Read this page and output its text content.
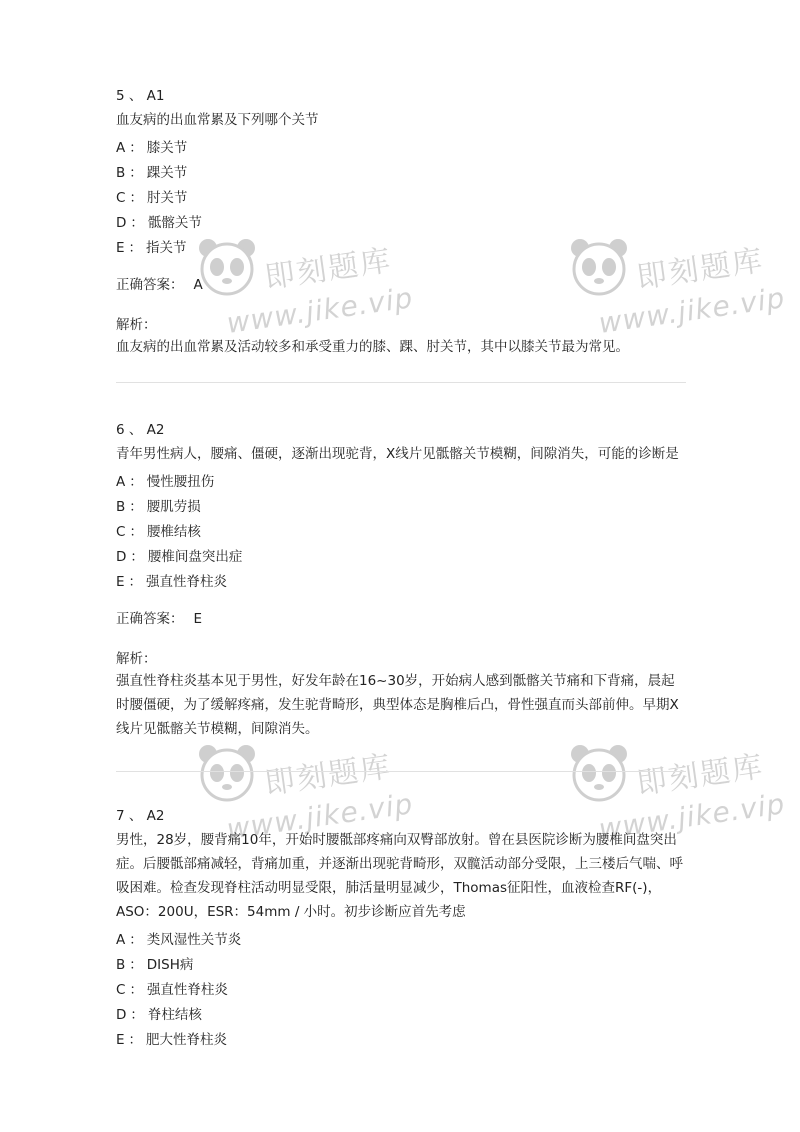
即刻题库
www.jike.vip
即刻题库
www.jike.vip
即刻题库
www.jike.vip
即刻题库
www.jike.vip
5 、 A1
血友病的出血常累及下列哪个关节
A ： 膝关节
B ： 踝关节
C ： 肘关节
D ： 骶髂关节
E ： 指关节
正确答案： A
解析：
血友病的出血常累及活动较多和承受重力的膝、踝、肘关节，其中以膝关节最为常见。
6 、 A2
青年男性病人，腰痛、僵硬，逐渐出现驼背，X线片见骶髂关节模糊，间隙消失，可能的诊断是
A ： 慢性腰扭伤
B ： 腰肌劳损
C ： 腰椎结核
D ： 腰椎间盘突出症
E ： 强直性脊柱炎
正确答案： E
解析：
强直性脊柱炎基本见于男性，好发年龄在16~30岁，开始病人感到骶髂关节痛和下背痛，晨起时腰僵硬，为了缓解疼痛，发生驼背畸形，典型体态是胸椎后凸，骨性强直而头部前伸。早期X线片见骶髂关节模糊，间隙消失。
7 、 A2
男性，28岁，腰背痛10年，开始时腰骶部疼痛向双臀部放射。曾在县医院诊断为腰椎间盘突出症。后腰骶部痛减轻，背痛加重，并逐渐出现驼背畸形，双髋活动部分受限，上三楼后气喘、呼吸困难。检查发现脊柱活动明显受限，肺活量明显减少，Thomas征阳性，血液检查RF(-)，ASO：200U，ESR：54mm / 小时。初步诊断应首先考虑
A ： 类风湿性关节炎
B ： DISH病
C ： 强直性脊柱炎
D ： 脊柱结核
E ： 肥大性脊柱炎
